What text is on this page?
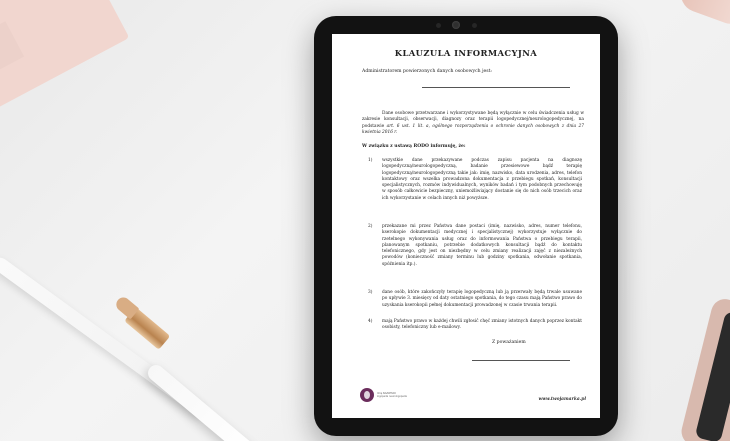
KLAUZULA INFORMACYJNA
Administratorem powierzonych danych osobowych jest:
Dane osobowe przetwarzane i wykorzystywane będą wyłącznie w celu świadczenia usług w zakresie konsultacji, obserwacji, diagnozy oraz terapii logopedycznej/neurologopedycznej, na podstawie art. 6 ust. 1 lit. a, ogólnego rozporządzenia o ochronie danych osobowych z dnia 27 kwietnia 2016 r.
W związku z ustawą RODO informuję, że:
1) wszystkie dane przekazywane podczas zapisu pacjenta na diagnozę logopedyczną/neurologopedyczną, badanie przesiewowe bądź terapię logopedyczną/neurologopedyczną takie jak: imię, nazwisko, data urodzenia, adres, telefon kontaktowy oraz wszelka prowadzona dokumentacja z przebiegu spotkań, konsultacji specjalistycznych, rozmów indywidualnych, wyników badań i tym podobnych przechowuję w sposób całkowicie bezpieczny, uniemożliwiający dostanie się do nich osób trzecich oraz ich wykorzystanie w celach innych niż powyższe.
2) przekazane mi przez Państwa dane postaci (imię, nazwisko, adres, numer telefonu, kserokopie dokumentacji medycznej i specjalistycznej) wykorzystuje wyłącznie do rzetelnego wykonywania usług oraz do informowania Państwa o przebiegu terapii, planowanym spotkaniu, potrzebie dodatkowych konsultacji bądź do kontaktu telefonicznego, gdy jest on niezbędny w celu zmiany realizacji zajęć z niezależnych powodów (konieczność zmiany terminu lub godziny spotkania, odwołanie spotkania, spóźnienia itp.).
3) dane osób, które zakończyły terapię logopedyczną lub ją przerwały będą trwale usuwane po upływie 3. miesięcy od daty ostatniego spotkania, do tego czasu mają Państwo prawo do uzyskania kserokopii pełnej dokumentacji prowadzonej w czasie trwania terapii.
4) mają Państwo prawo w każdej chwili zgłosić chęć zmiany istotnych danych poprzez kontakt osobisty, telefoniczny lub e-mailowy.
Z poważaniem
Imię NAZWISKO
logopeda neurologopeda
www.twojamarka.pl
